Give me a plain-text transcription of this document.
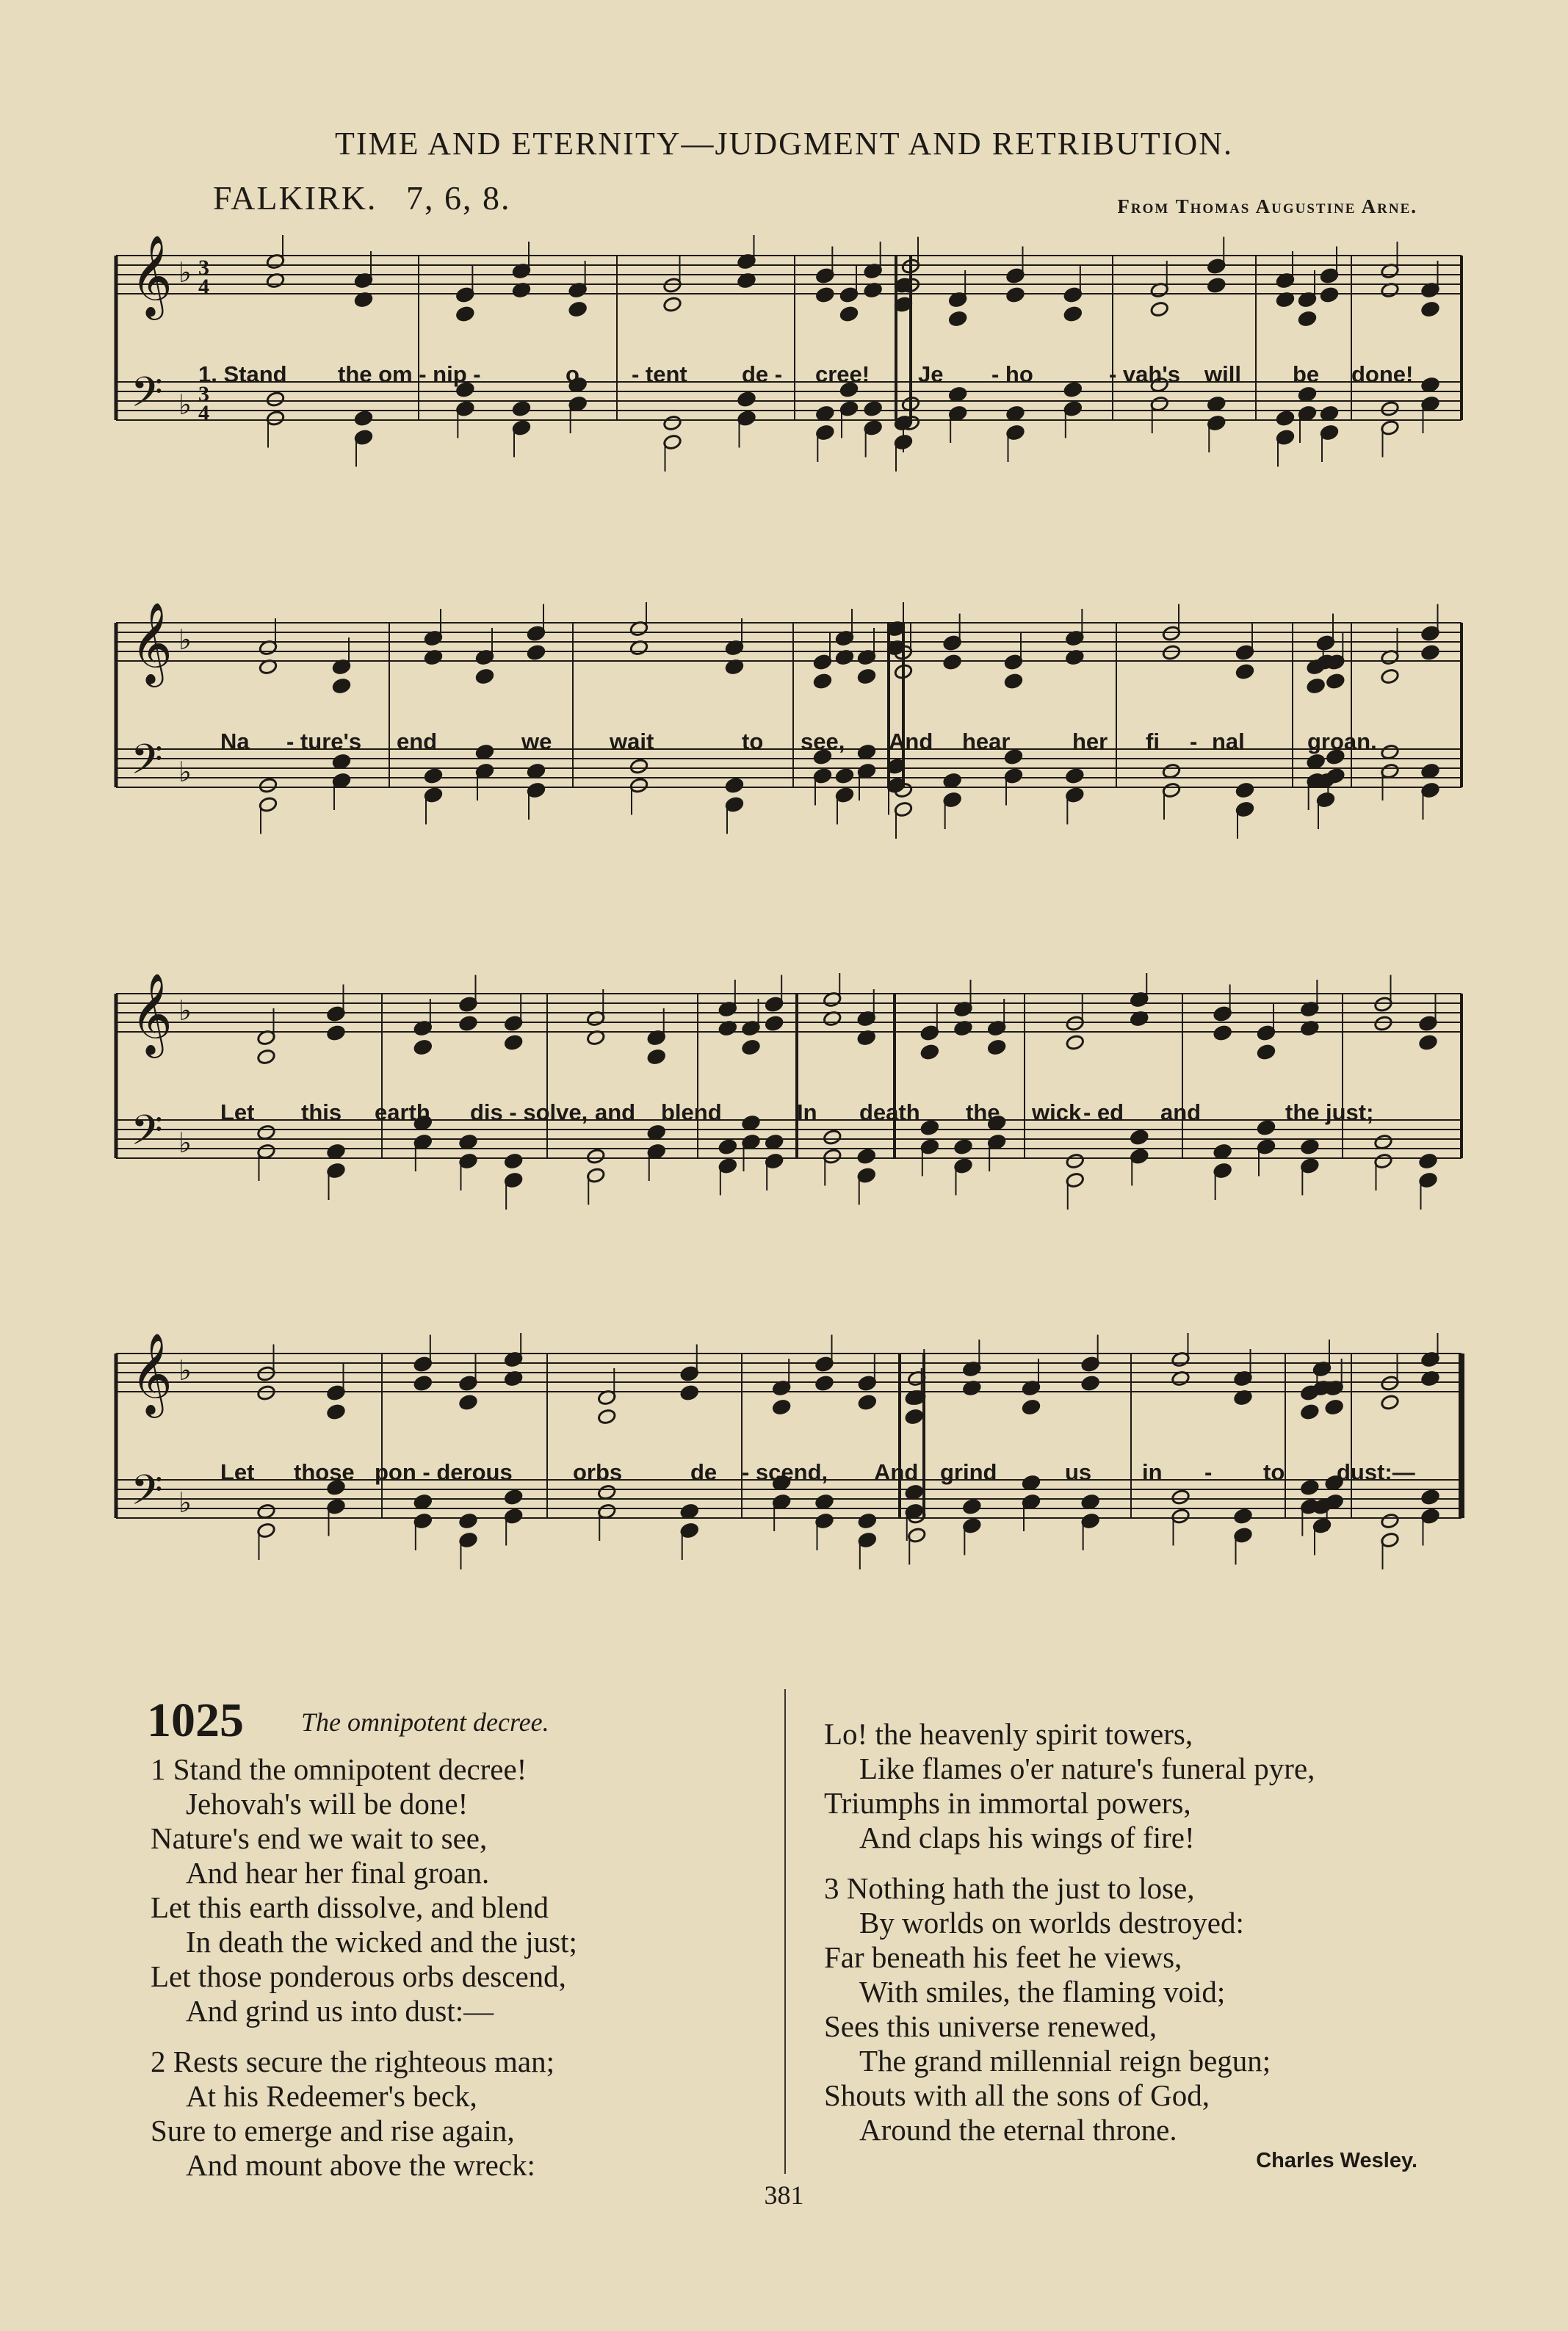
TIME AND ETERNITY—JUDGMENT AND RETRIBUTION.
FALKIRK. 7, 6, 8.	From Thomas Augustine Arne.
𝄞
𝄢
♭
♭
3
4
3
4
1. Stand the om - nip -	o - tent de - cree! Je - ho	- vah's will be done!
𝄞
𝄢
♭
♭
Na - ture's end	we	wait	to see, And hear	her fi - nal	groan.
𝄞
𝄢
♭
♭
Let this earth dis - solve, and blend	In death the wick - ed and	the just;
𝄞
𝄢
♭
♭
Let those pon - derous	orbs	de - scend, And grind	us in - to dust:—
1025 The omnipotent decree.
1 Stand the omnipotent decree!
Jehovah's will be done!
Nature's end we wait to see,
And hear her final groan.
Let this earth dissolve, and blend
In death the wicked and the just;
Let those ponderous orbs descend,
And grind us into dust:—
2 Rests secure the righteous man;
At his Redeemer's beck,
Sure to emerge and rise again,
And mount above the wreck:
Lo! the heavenly spirit towers,
Like flames o'er nature's funeral pyre,
Triumphs in immortal powers,
And claps his wings of fire!
3 Nothing hath the just to lose,
By worlds on worlds destroyed:
Far beneath his feet he views,
With smiles, the flaming void;
Sees this universe renewed,
The grand millennial reign begun;
Shouts with all the sons of God,
Around the eternal throne.
Charles Wesley.
381
